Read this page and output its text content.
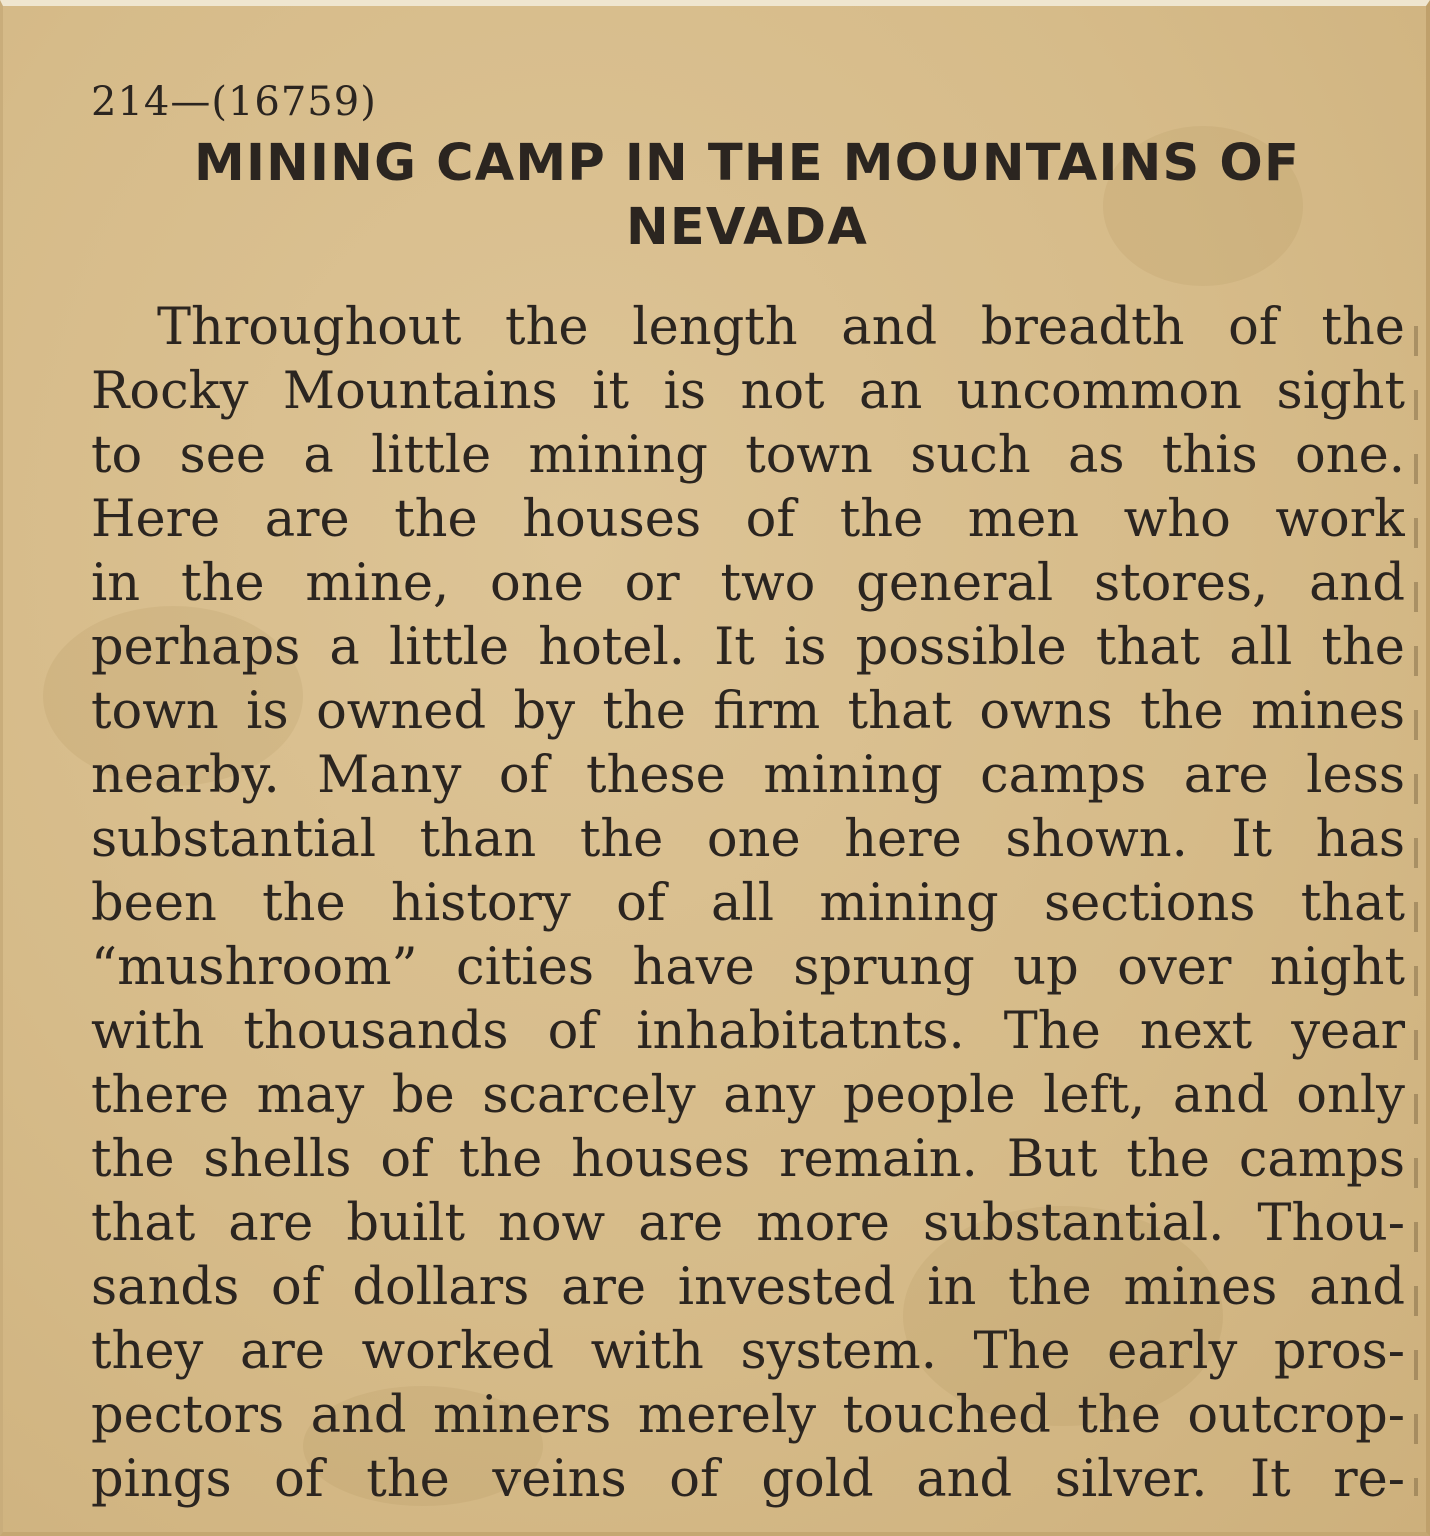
214—(16759)
MINING CAMP IN THE MOUNTAINS OF
NEVADA
Throughout the length and breadth of the
Rocky Mountains it is not an uncommon sight
to see a little mining town such as this one.
Here are the houses of the men who work
in the mine, one or two general stores, and
perhaps a little hotel. It is possible that all the
town is owned by the firm that owns the mines
nearby. Many of these mining camps are less
substantial than the one here shown. It has
been the history of all mining sections that
“mushroom” cities have sprung up over night
with thousands of inhabitatnts. The next year
there may be scarcely any people left, and only
the shells of the houses remain. But the camps
that are built now are more substantial. Thou-
sands of dollars are invested in the mines and
they are worked with system. The early pros-
pectors and miners merely touched the outcrop-
pings of the veins of gold and silver. It re-
